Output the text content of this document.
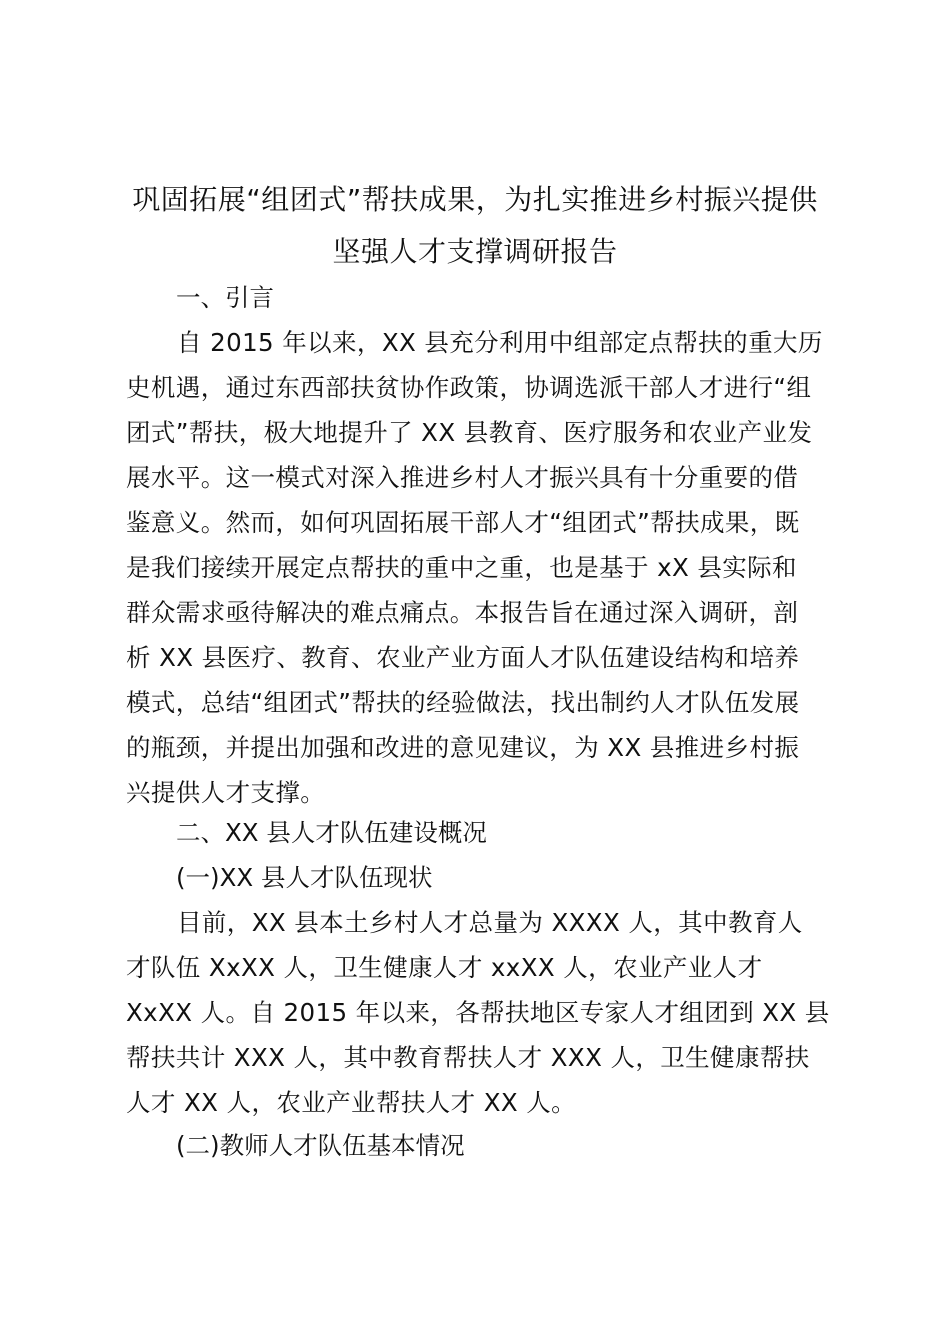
巩固拓展“组团式”帮扶成果，为扎实推进乡村振兴提供
坚强人才支撑调研报告
一、引言
自 2015 年以来，XX 县充分利用中组部定点帮扶的重大历
史机遇，通过东西部扶贫协作政策，协调选派干部人才进行“组
团式”帮扶，极大地提升了 XX 县教育、医疗服务和农业产业发
展水平。这一模式对深入推进乡村人才振兴具有十分重要的借
鉴意义。然而，如何巩固拓展干部人才“组团式”帮扶成果，既
是我们接续开展定点帮扶的重中之重，也是基于 xX 县实际和
群众需求亟待解决的难点痛点。本报告旨在通过深入调研，剖
析 XX 县医疗、教育、农业产业方面人才队伍建设结构和培养
模式，总结“组团式”帮扶的经验做法，找出制约人才队伍发展
的瓶颈，并提出加强和改进的意见建议，为 XX 县推进乡村振
兴提供人才支撑。
二、XX 县人才队伍建设概况
(一)XX 县人才队伍现状
目前，XX 县本土乡村人才总量为 XXXX 人，其中教育人
才队伍 XxXX 人，卫生健康人才 xxXX 人，农业产业人才
XxXX 人。自 2015 年以来，各帮扶地区专家人才组团到 XX 县
帮扶共计 XXX 人，其中教育帮扶人才 XXX 人，卫生健康帮扶
人才 XX 人，农业产业帮扶人才 XX 人。
(二)教师人才队伍基本情况
